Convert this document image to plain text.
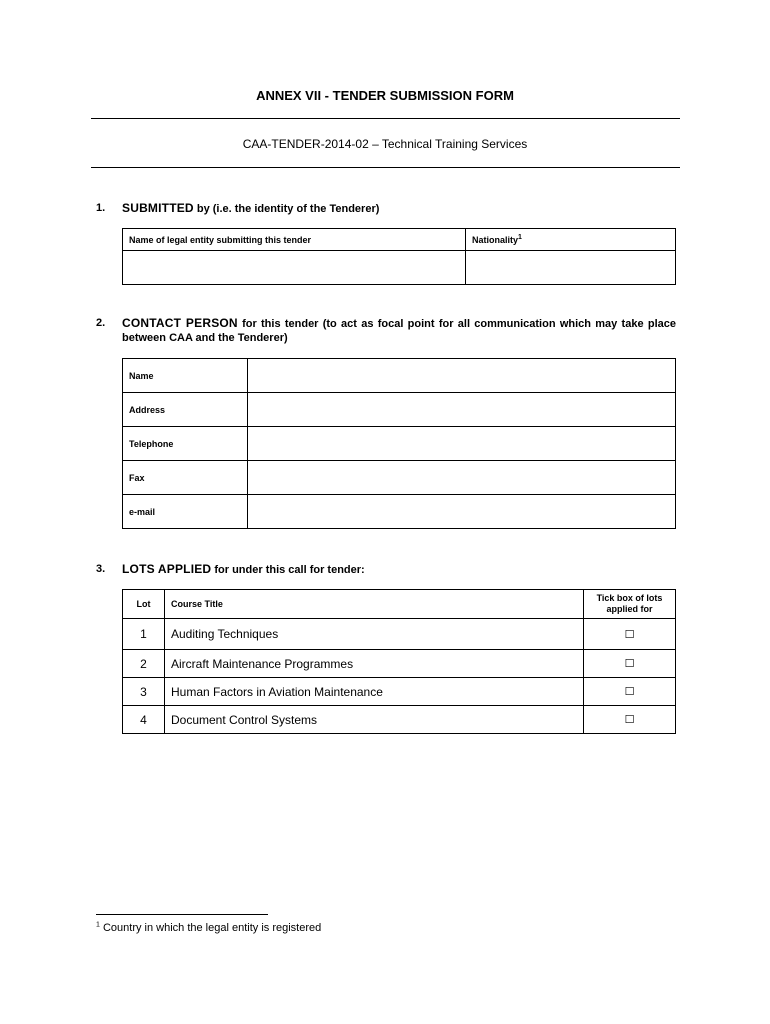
ANNEX VII - TENDER SUBMISSION FORM
CAA-TENDER-2014-02 – Technical Training Services
1.	SUBMITTED by (i.e. the identity of the Tenderer)
Name of legal entity submitting this tender	Nationality$^1$

2.	CONTACT PERSON for this tender (to act as focal point for all communication which may take place between CAA and the Tenderer)
Name	
Address	
Telephone	
Fax	
e-mail	
3.	LOTS APPLIED for under this call for tender:
Lot	Course Title	Tick box of lots applied for
1	Auditing Techniques	☐
2	Aircraft Maintenance Programmes	☐
3	Human Factors in Aviation Maintenance	☐
4	Document Control Systems	☐
$^1$ Country in which the legal entity is registered
